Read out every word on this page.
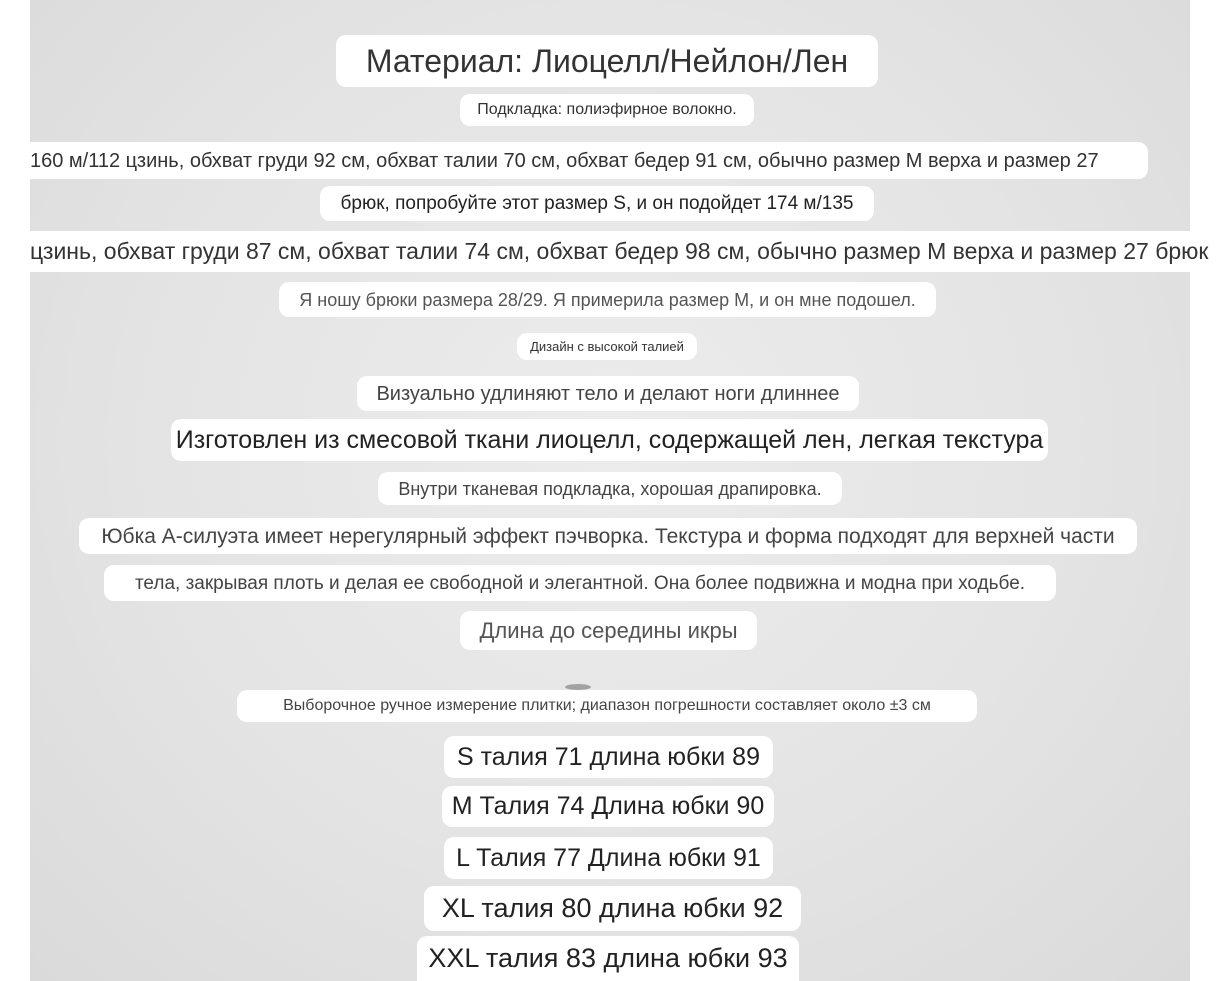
Материал: Лиоцелл/Нейлон/Лен
Подкладка: полиэфирное волокно.
160 м/112 цзинь, обхват груди 92 см, обхват талии 70 см, обхват бедер 91 см, обычно размер M верха и размер 27
брюк, попробуйте этот размер S, и он подойдет 174 м/135
цзинь, обхват груди 87 см, обхват талии 74 см, обхват бедер 98 см, обычно размер M верха и размер 27 брюк
Я ношу брюки размера 28/29. Я примерила размер М, и он мне подошел.
Дизайн с высокой талией
Визуально удлиняют тело и делают ноги длиннее
Изготовлен из смесовой ткани лиоцелл, содержащей лен, легкая текстура
Внутри тканевая подкладка, хорошая драпировка.
Юбка А-силуэта имеет нерегулярный эффект пэчворка. Текстура и форма подходят для верхней части
тела, закрывая плоть и делая ее свободной и элегантной. Она более подвижна и модна при ходьбе.
Длина до середины икры
Выборочное ручное измерение плитки; диапазон погрешности составляет около ±3 см
S талия 71 длина юбки 89
M Талия 74 Длина юбки 90
L Талия 77 Длина юбки 91
XL талия 80 длина юбки 92
XXL талия 83 длина юбки 93
